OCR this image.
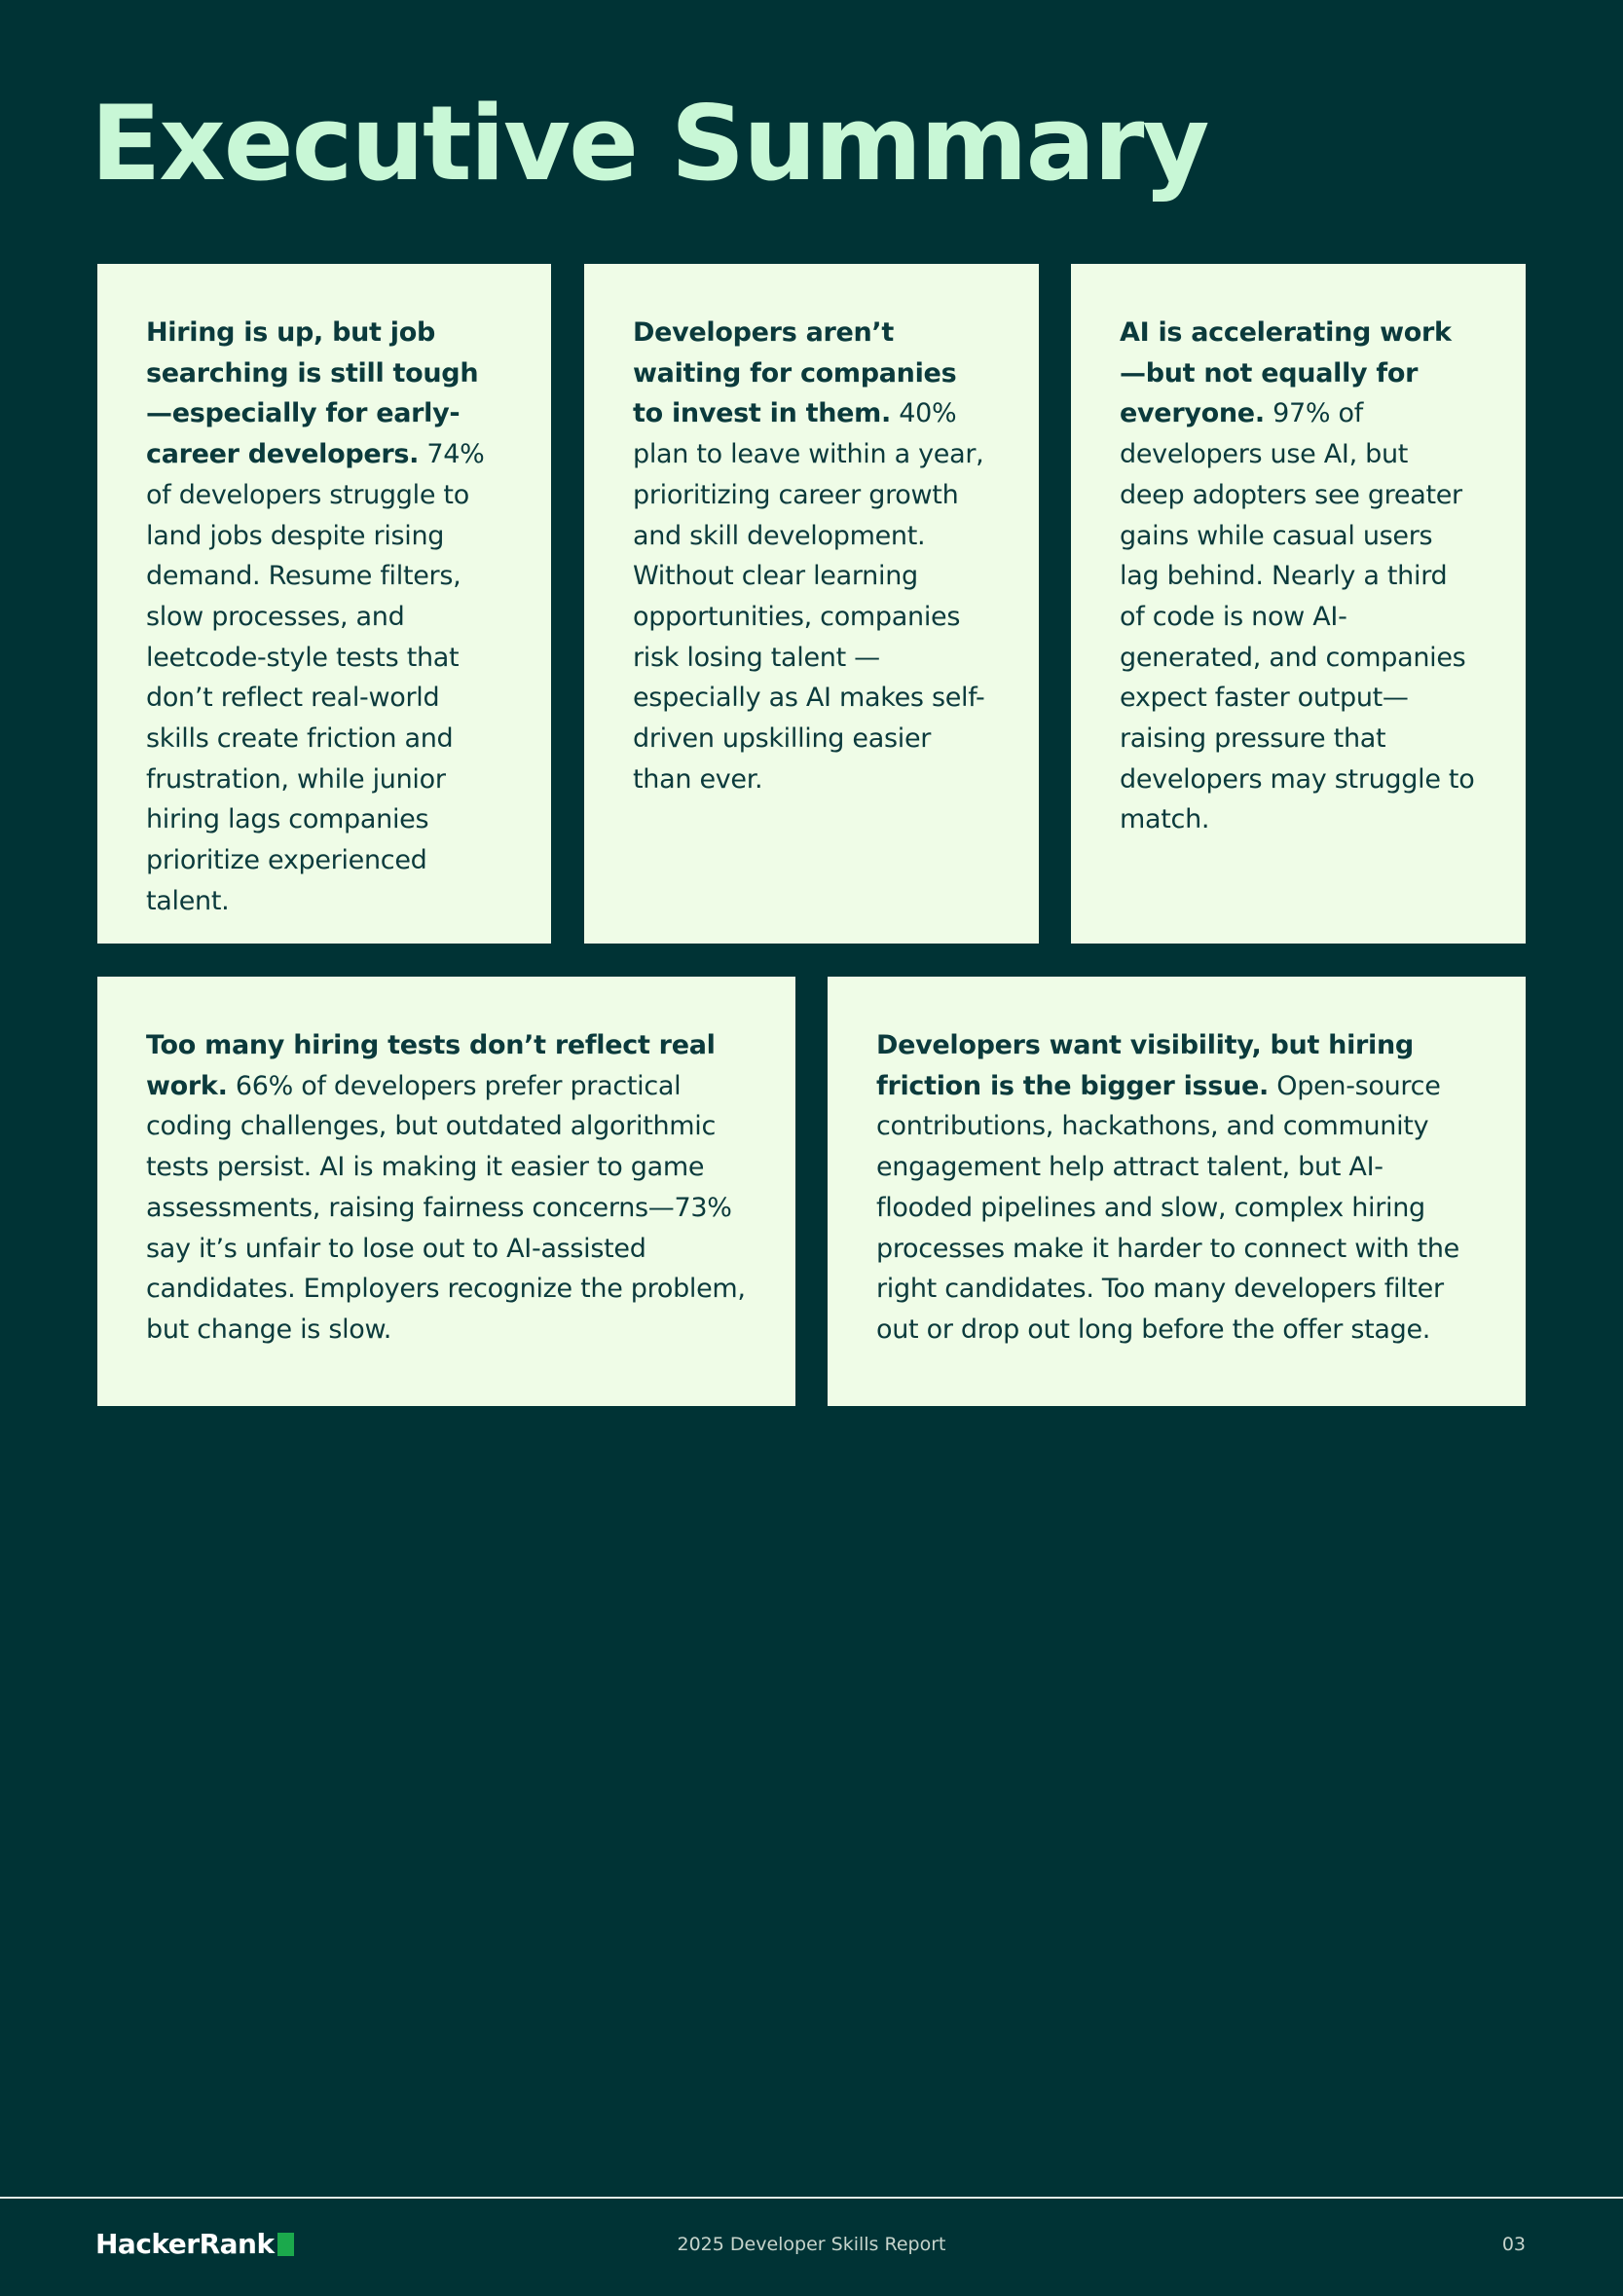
Executive Summary

Hiring is up, but job searching is still tough—especially for early-career developers. 74% of developers struggle to land jobs despite rising demand. Resume filters, slow processes, and leetcode-style tests that don’t reflect real-world skills create friction and frustration, while junior hiring lags companies prioritize experienced talent.

Developers aren’t waiting for companies to invest in them. 40% plan to leave within a year, prioritizing career growth and skill development. Without clear learning opportunities, companies risk losing talent —especially as AI makes self-driven upskilling easier than ever.

AI is accelerating work—but not equally for everyone. 97% of developers use AI, but deep adopters see greater gains while casual users lag behind. Nearly a third of code is now AI-generated, and companies expect faster output—raising pressure that developers may struggle to match.

Too many hiring tests don’t reflect real work. 66% of developers prefer practical coding challenges, but outdated algorithmic tests persist. AI is making it easier to game assessments, raising fairness concerns—73% say it’s unfair to lose out to AI-assisted candidates. Employers recognize the problem, but change is slow.

Developers want visibility, but hiring friction is the bigger issue. Open-source contributions, hackathons, and community engagement help attract talent, but AI-flooded pipelines and slow, complex hiring processes make it harder to connect with the right candidates. Too many developers filter out or drop out long before the offer stage.

HackerRank	2025 Developer Skills Report	03
